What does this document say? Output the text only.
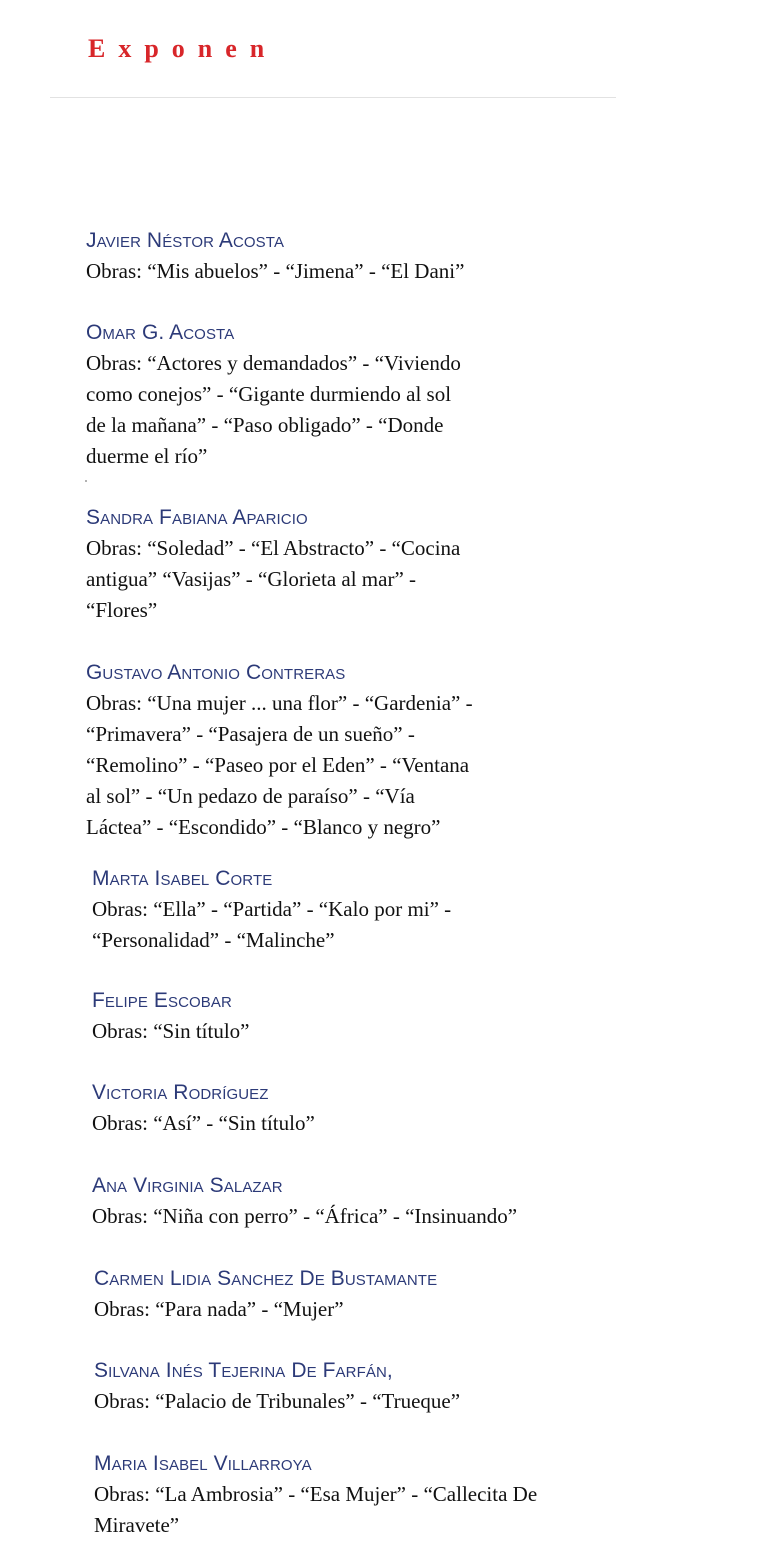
Exponen
Javier Néstor Acosta
Obras: “Mis abuelos” - “Jimena” - “El Dani”
Omar G. Acosta
Obras: “Actores y demandados” - “Viviendo
como conejos” - “Gigante durmiendo al sol
de la mañana” - “Paso obligado” - “Donde
duerme el río”
Sandra Fabiana Aparicio
Obras: “Soledad” - “El Abstracto” - “Cocina
antigua” “Vasijas” - “Glorieta al mar” -
“Flores”
Gustavo Antonio Contreras
Obras: “Una mujer ... una flor” - “Gardenia” -
“Primavera” - “Pasajera de un sueño” -
“Remolino” - “Paseo por el Eden” - “Ventana
al sol” - “Un pedazo de paraíso” - “Vía
Láctea” - “Escondido” - “Blanco y negro”
Marta Isabel Corte
Obras: “Ella” - “Partida” - “Kalo por mi” -
“Personalidad” - “Malinche”
Felipe Escobar
Obras: “Sin título”
Victoria Rodríguez
Obras: “Así” - “Sin título”
Ana Virginia Salazar
Obras: “Niña con perro” - “África” - “Insinuando”
Carmen Lidia Sanchez De Bustamante
Obras: “Para nada” - “Mujer”
Silvana Inés Tejerina De Farfán,
Obras: “Palacio de Tribunales” - “Trueque”
Maria Isabel Villarroya
Obras: “La Ambrosia” - “Esa Mujer” - “Callecita De
Miravete”
